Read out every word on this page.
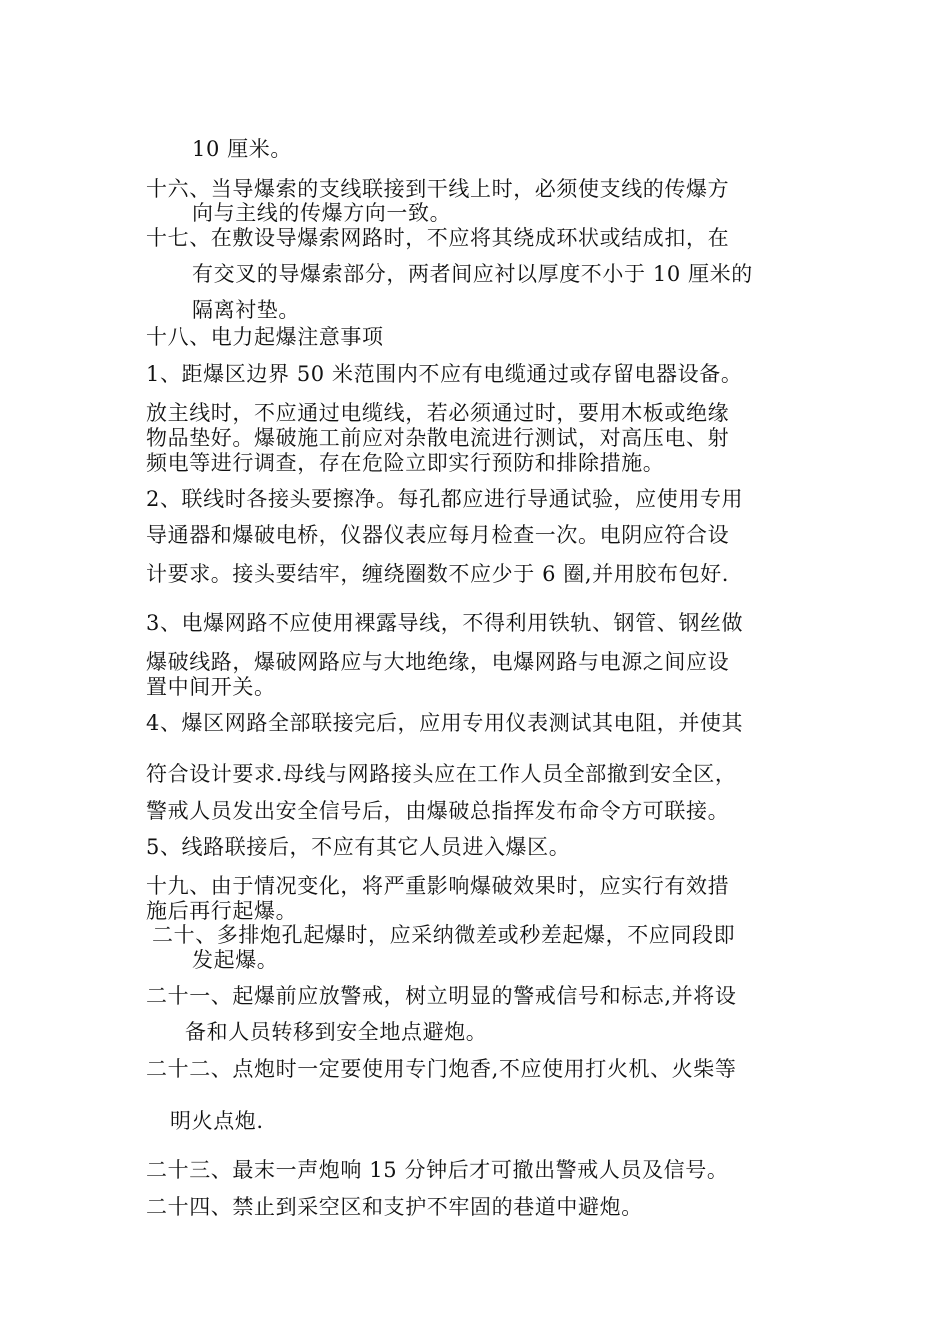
10 厘米。
十六、当导爆索的支线联接到干线上时，必须使支线的传爆方
向与主线的传爆方向一致。
十七、在敷设导爆索网路时，不应将其绕成环状或结成扣，在
有交叉的导爆索部分，两者间应衬以厚度不小于 10 厘米的
隔离衬垫。
十八、电力起爆注意事项
1、距爆区边界 50 米范围内不应有电缆通过或存留电器设备。
放主线时，不应通过电缆线，若必须通过时，要用木板或绝缘
物品垫好。爆破施工前应对杂散电流进行测试，对高压电、射
频电等进行调查，存在危险立即实行预防和排除措施。
2、联线时各接头要擦净。每孔都应进行导通试验，应使用专用
导通器和爆破电桥，仪器仪表应每月检查一次。电阴应符合设
计要求。接头要结牢，缠绕圈数不应少于 6 圈,并用胶布包好.
3、电爆网路不应使用裸露导线，不得利用铁轨、钢管、钢丝做
爆破线路，爆破网路应与大地绝缘，电爆网路与电源之间应设
置中间开关。
4、爆区网路全部联接完后，应用专用仪表测试其电阻，并使其
符合设计要求.母线与网路接头应在工作人员全部撤到安全区，
警戒人员发出安全信号后，由爆破总指挥发布命令方可联接。
5、线路联接后，不应有其它人员进入爆区。
十九、由于情况变化，将严重影响爆破效果时，应实行有效措
施后再行起爆。
二十、多排炮孔起爆时，应采纳微差或秒差起爆，不应同段即
发起爆。
二十一、起爆前应放警戒，树立明显的警戒信号和标志,并将设
备和人员转移到安全地点避炮。
二十二、点炮时一定要使用专门炮香,不应使用打火机、火柴等
明火点炮.
二十三、最末一声炮响 15 分钟后才可撤出警戒人员及信号。
二十四、禁止到采空区和支护不牢固的巷道中避炮。
